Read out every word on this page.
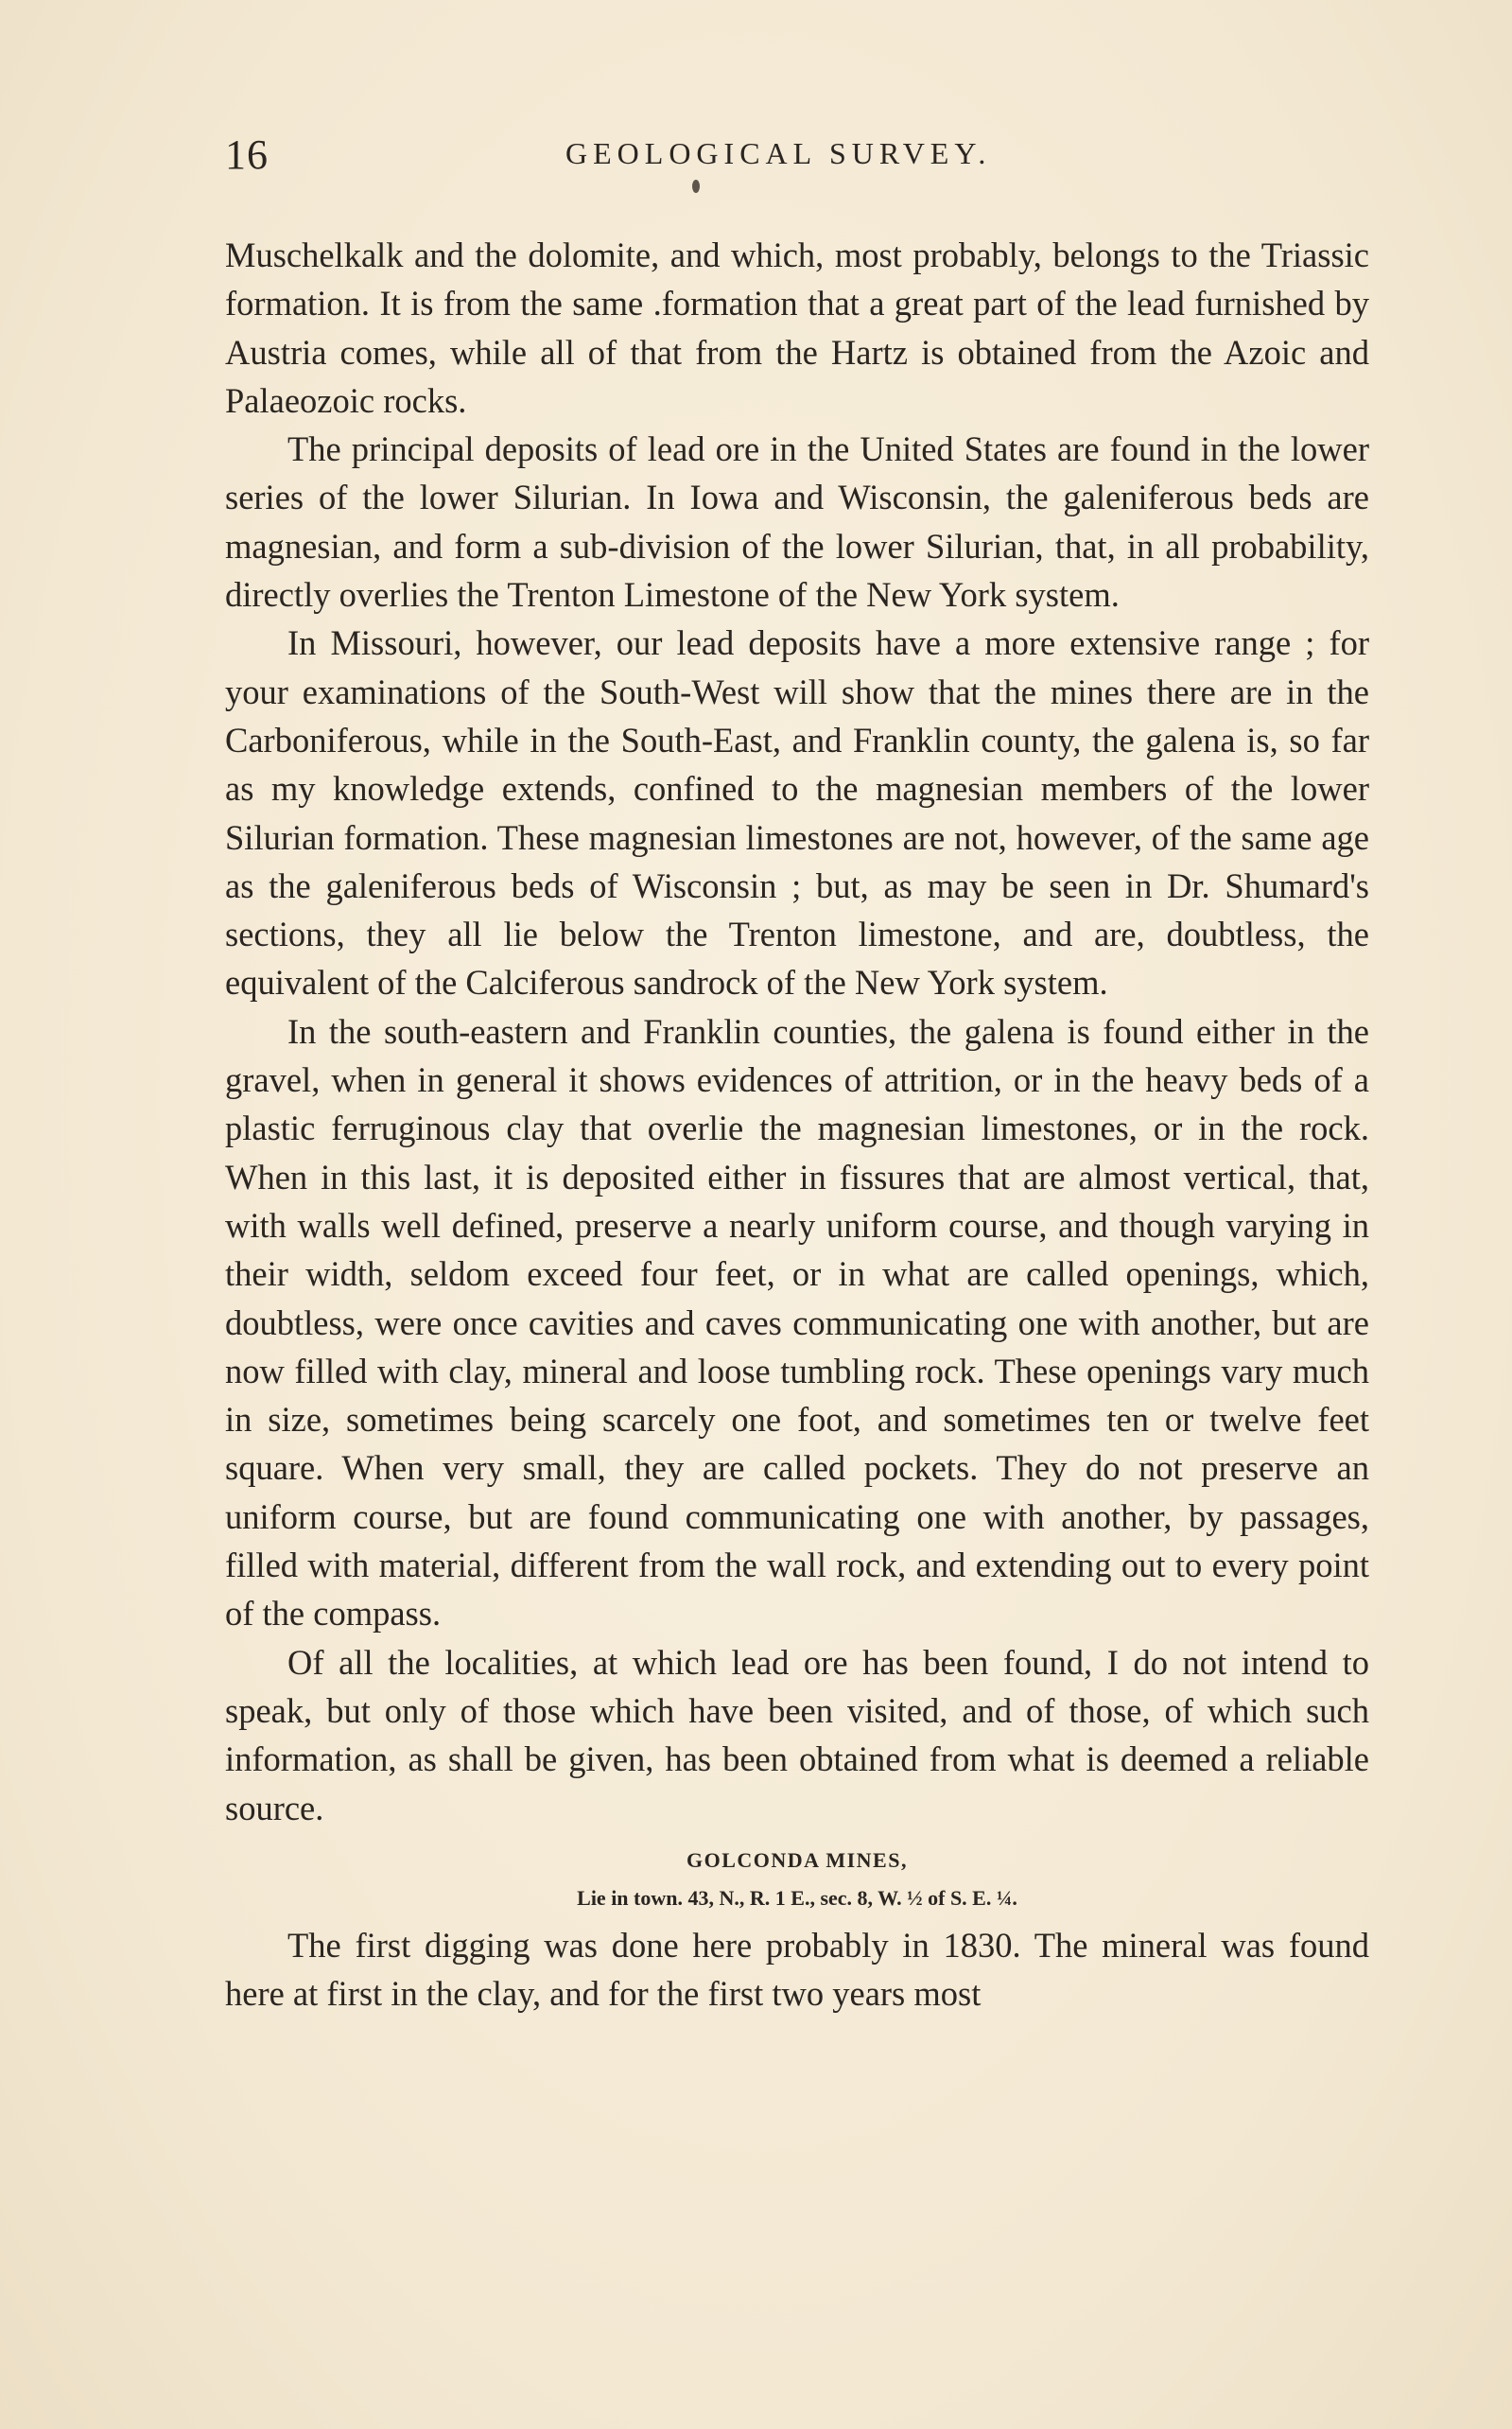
16	GEOLOGICAL SURVEY.

Muschelkalk and the dolomite, and which, most probably, belongs to the Triassic formation. It is from the same .formation that a great part of the lead furnished by Austria comes, while all of that from the Hartz is obtained from the Azoic and Palaeozoic rocks.

The principal deposits of lead ore in the United States are found in the lower series of the lower Silurian. In Iowa and Wisconsin, the galeniferous beds are magnesian, and form a sub-division of the lower Silurian, that, in all probability, directly overlies the Trenton Limestone of the New York system.

In Missouri, however, our lead deposits have a more extensive range ; for your examinations of the South-West will show that the mines there are in the Carboniferous, while in the South-East, and Franklin county, the galena is, so far as my knowledge extends, confined to the magnesian members of the lower Silurian formation. These magnesian limestones are not, however, of the same age as the galeniferous beds of Wisconsin ; but, as may be seen in Dr. Shumard's sections, they all lie below the Trenton limestone, and are, doubtless, the equivalent of the Calciferous sandrock of the New York system.

In the south-eastern and Franklin counties, the galena is found either in the gravel, when in general it shows evidences of attrition, or in the heavy beds of a plastic ferruginous clay that overlie the magnesian limestones, or in the rock. When in this last, it is deposited either in fissures that are almost vertical, that, with walls well defined, preserve a nearly uniform course, and though varying in their width, seldom exceed four feet, or in what are called openings, which, doubtless, were once cavities and caves communicating one with another, but are now filled with clay, mineral and loose tumbling rock. These openings vary much in size, sometimes being scarcely one foot, and sometimes ten or twelve feet square. When very small, they are called pockets. They do not preserve an uniform course, but are found communicating one with another, by passages, filled with material, different from the wall rock, and extending out to every point of the compass.

Of all the localities, at which lead ore has been found, I do not intend to speak, but only of those which have been visited, and of those, of which such information, as shall be given, has been obtained from what is deemed a reliable source.

GOLCONDA MINES,
Lie in town. 43, N., R. 1 E., sec. 8, W. ½ of S. E. ¼.

The first digging was done here probably in 1830. The mineral was found here at first in the clay, and for the first two years most
